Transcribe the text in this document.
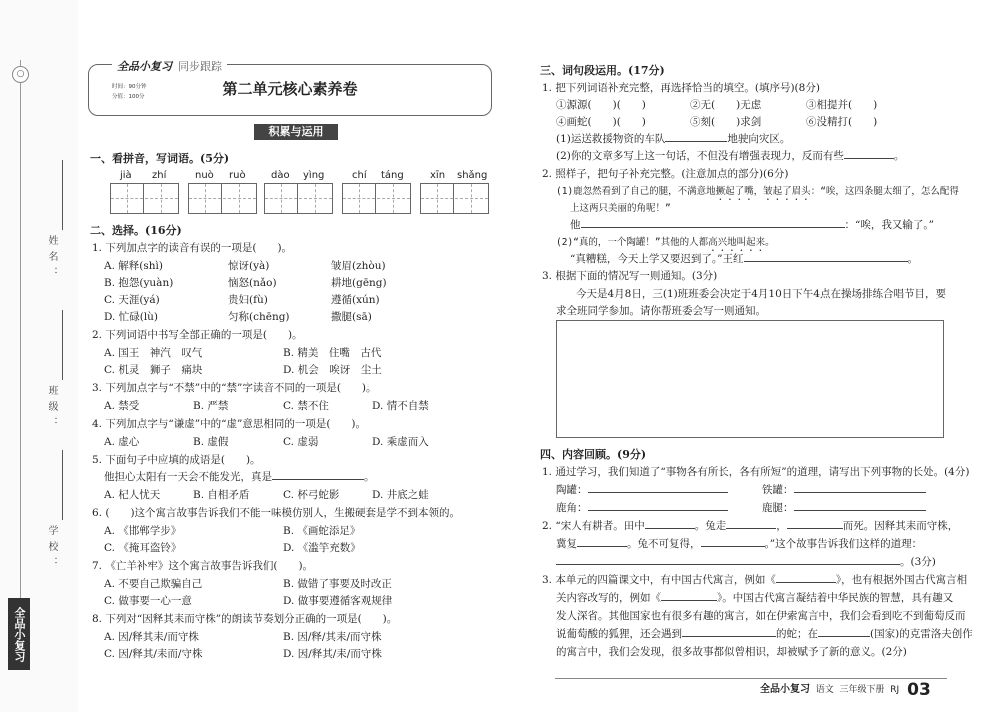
○
姓名：
班级：
学校：
全品小复习
全品小复习 同步跟踪
时间：90分钟
分值：100分	第二单元核心素养卷
积累与运用
一、看拼音，写词语。(5分)
jià zhí	nuò ruò	dào yìng	chí táng	xīn shǎng
二、选择。(16分)
1. 下列加点字的读音有误的一项是(　　)。
A. 解释(shì)	惊讶(yà)	皱眉(zhòu)
B. 抱怨(yuàn)	恼怒(nǎo)	耕地(gēng)
C. 天涯(yá)	贵妇(fù)	遵循(xún)
D. 忙碌(lù)	匀称(chēng)	撒腿(sā)
2. 下列词语中书写全部正确的一项是(　　)。
A. 国王　神汽　叹气	B. 精美　住嘴　古代
C. 机灵　狮子　痛块	D. 机会　唉讶　尘土
3. 下列加点字与“不禁”中的“禁”字读音不同的一项是(　　)。
A. 禁受	B. 严禁	C. 禁不住	D. 情不自禁
4. 下列加点字与“谦虚”中的“虚”意思相同的一项是(　　)。
A. 虚心	B. 虚假	C. 虚弱	D. 乘虚而入
5. 下面句子中应填的成语是(　　)。
他担心太阳有一天会不能发光，真是	。
A. 杞人忧天	B. 自相矛盾	C. 杯弓蛇影	D. 井底之蛙
6. (　　)这个寓言故事告诉我们不能一味模仿别人，生搬硬套是学不到本领的。
A. 《邯郸学步》	B. 《画蛇添足》
C. 《掩耳盗铃》	D. 《滥竽充数》
7. 《亡羊补牢》这个寓言故事告诉我们(　　)。
A. 不要自己欺骗自己	B. 做错了事要及时改正
C. 做事要一心一意	D. 做事要遵循客观规律
8. 下列对“因释其耒而守株”的朗读节奏划分正确的一项是(　　)。
A. 因/释其耒/而守株	B. 因/释/其耒/而守株
C. 因/释其/耒而/守株	D. 因/释其/耒/而守株
三、词句段运用。(17分)
1. 把下列词语补充完整，再选择恰当的填空。(填序号)(8分)
①源源(　　)(　　)	②无(　　)无虑	③相提并(　　)
④画蛇(　　)(　　)	⑤刻(　　)求剑	⑥没精打(　　)
(1)运送救援物资的车队	地驶向灾区。
(2)你的文章多写上这一句话，不但没有增强表现力，反而有些	。
2. 照样子，把句子补充完整。(注意加点的部分)(6分)
(1)鹿忽然看到了自己的腿，不满意地撅起了嘴，皱起了眉头：“唉，这四条腿太细了，怎么配得
上这两只美丽的角呢！”
他	：“唉，我又输了。”
(2)“真的，一个陶罐！”其他的人都高兴地叫起来。
“真糟糕，今天上学又要迟到了。”王红	。
3. 根据下面的情况写一则通知。(3分)
今天是4月8日，三(1)班班委会决定于4月10日下午4点在操场排练合唱节目，要
求全班同学参加。请你帮班委会写一则通知。
四、内容回顾。(9分)
1. 通过学习，我们知道了“事物各有所长，各有所短”的道理，请写出下列事物的长处。(4分)
陶罐：	铁罐：
鹿角：	鹿腿：
2. “宋人有耕者。田中	。兔走	，	而死。因释其耒而守株，
冀复	。兔不可复得，	。”这个故事告诉我们这样的道理：
。(3分)
3. 本单元的四篇课文中，有中国古代寓言，例如《	》，也有根据外国古代寓言相
关内容改写的，例如《	》。中国古代寓言凝结着中华民族的智慧，具有趣又
发人深省。其他国家也有很多有趣的寓言，如在伊索寓言中，我们会看到吃不到葡萄反而
说葡萄酸的狐狸，还会遇到	的蛇；在	(国家)的克雷洛夫创作
的寓言中，我们会发现，很多故事都似曾相识，却被赋予了新的意义。(2分)
全品小复习 语文 三年级下册 RJ 03
